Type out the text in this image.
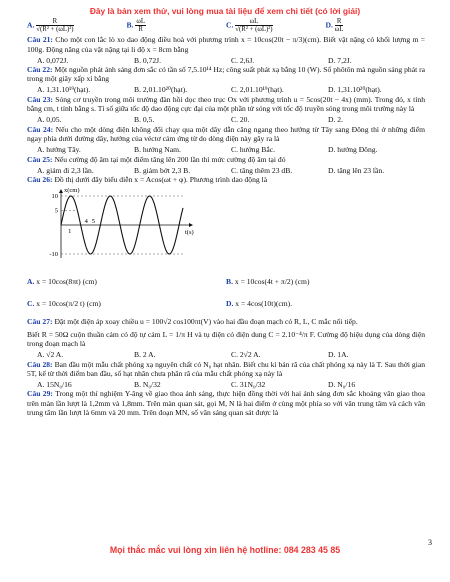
Đây là bản xem thử, vui lòng mua tài liệu để xem chi tiết (có lời giải)
A. $\frac{R}{\text{√(R² + (ωL)²)}}$	B. $\frac{\omega L}{R}$	C. $\frac{\omega L}{\text{√(R² + (ωL)²)}}$	D. $\frac{R}{\omega L}$

Câu 21: Cho một con lắc lò xo dao động điều hoà với phương trình x = 10cos(20t − π/3)(cm). Biết vật nặng có khối lượng m = 100g. Động năng của vật nặng tại li độ x = 8cm bằng

A. 0,072J.	B. 0,72J.	C. 2,6J.	D. 7,2J.

Câu 22: Một nguồn phát ánh sáng đơn sắc có tần số 7,5.10¹⁴ Hz; công suất phát xạ bằng 10 (W). Số phôtôn mà nguồn sáng phát ra trong một giây xấp xỉ bằng

A. 1,31.10¹⁹(hạt).	B. 2,01.10²⁰(hạt).	C. 2,01.10¹⁹(hạt).	D. 1,31.10²⁰(hạt).

Câu 23: Sóng cơ truyền trong môi trường đàn hồi dọc theo trục Ox với phương trình u = 5cos(20t − 4x) (mm). Trong đó, x tính bằng cm, t tính bằng s. Tỉ số giữa tốc độ dao động cực đại của một phần tử sóng với tốc độ truyền sóng trong môi trường này là

A. 0,05.	B. 0,5.	C. 20.	D. 2.

Câu 24: Nếu cho một dòng điện không đổi chạy qua một dây dẫn căng ngang theo hướng từ Tây sang Đông thì ở những điểm ngay phía dưới đường dây, hướng của véctơ cảm ứng từ do dòng điện này gây ra là

A. hướng Tây.	B. hướng Nam.	C. hướng Bắc.	D. hướng Đông.

Câu 25: Nếu cường độ âm tại một điểm tăng lên 200 lần thì mức cường độ âm tại đó

A. giảm đi 2,3 lần.	B. giảm bớt 2,3 B.	C. tăng thêm 23 dB.	D. tăng lên 23 lần.

Câu 26: Đồ thị dưới đây biểu diễn x = Acos(ωt + φ). Phương trình dao động là

x(cm)
t(s)
10
5
-10
1
4 5
A.
x = 10cos(8πt) (cm)	B.
x = 10cos(4t + π/2) (cm)
C.
x = 10cos(π/2 t) (cm)	D.
x = 4cos(10t)(cm).

Câu 27: Đặt một điện áp xoay chiều u = 100√2 cos100πt(V) vào hai đầu đoạn mạch có R, L, C mắc nối tiếp.

Biết R = 50Ω cuộn thuần cảm có độ tự cảm L = 1/π H và tụ điện có điện dung C = 2.10⁻⁴/π F. Cường độ hiệu dụng của dòng điện trong đoạn mạch là

A. √2 A.	B. 2 A.	C. 2√2 A.	D. 1A.

Câu 28: Ban đầu một mẫu chất phóng xạ nguyên chất có N₀ hạt nhân. Biết chu kì bán rã của chất phóng xạ này là T. Sau thời gian 5T, kể từ thời điểm ban đầu, số hạt nhân chưa phân rã của mẫu chất phóng xạ này là

A. 15N₀/16	B. N₀/32	C. 31N₀/32	D. N₀/16

Câu 29: Trong một thí nghiệm Y-âng về giao thoa ánh sáng, thực hiện đồng thời với hai ánh sáng đơn sắc khoảng vân giao thoa trên màn lần lượt là 1,2mm và 1,8mm. Trên màn quan sát, gọi M, N là hai điểm ở cùng một phía so với vân trung tâm và cách vân trung tâm lần lượt là 6mm và 20 mm. Trên đoạn MN, số vân sáng quan sát được là

3
Mọi thắc mắc vui lòng xin liên hệ hotline: 084 283 45 85
